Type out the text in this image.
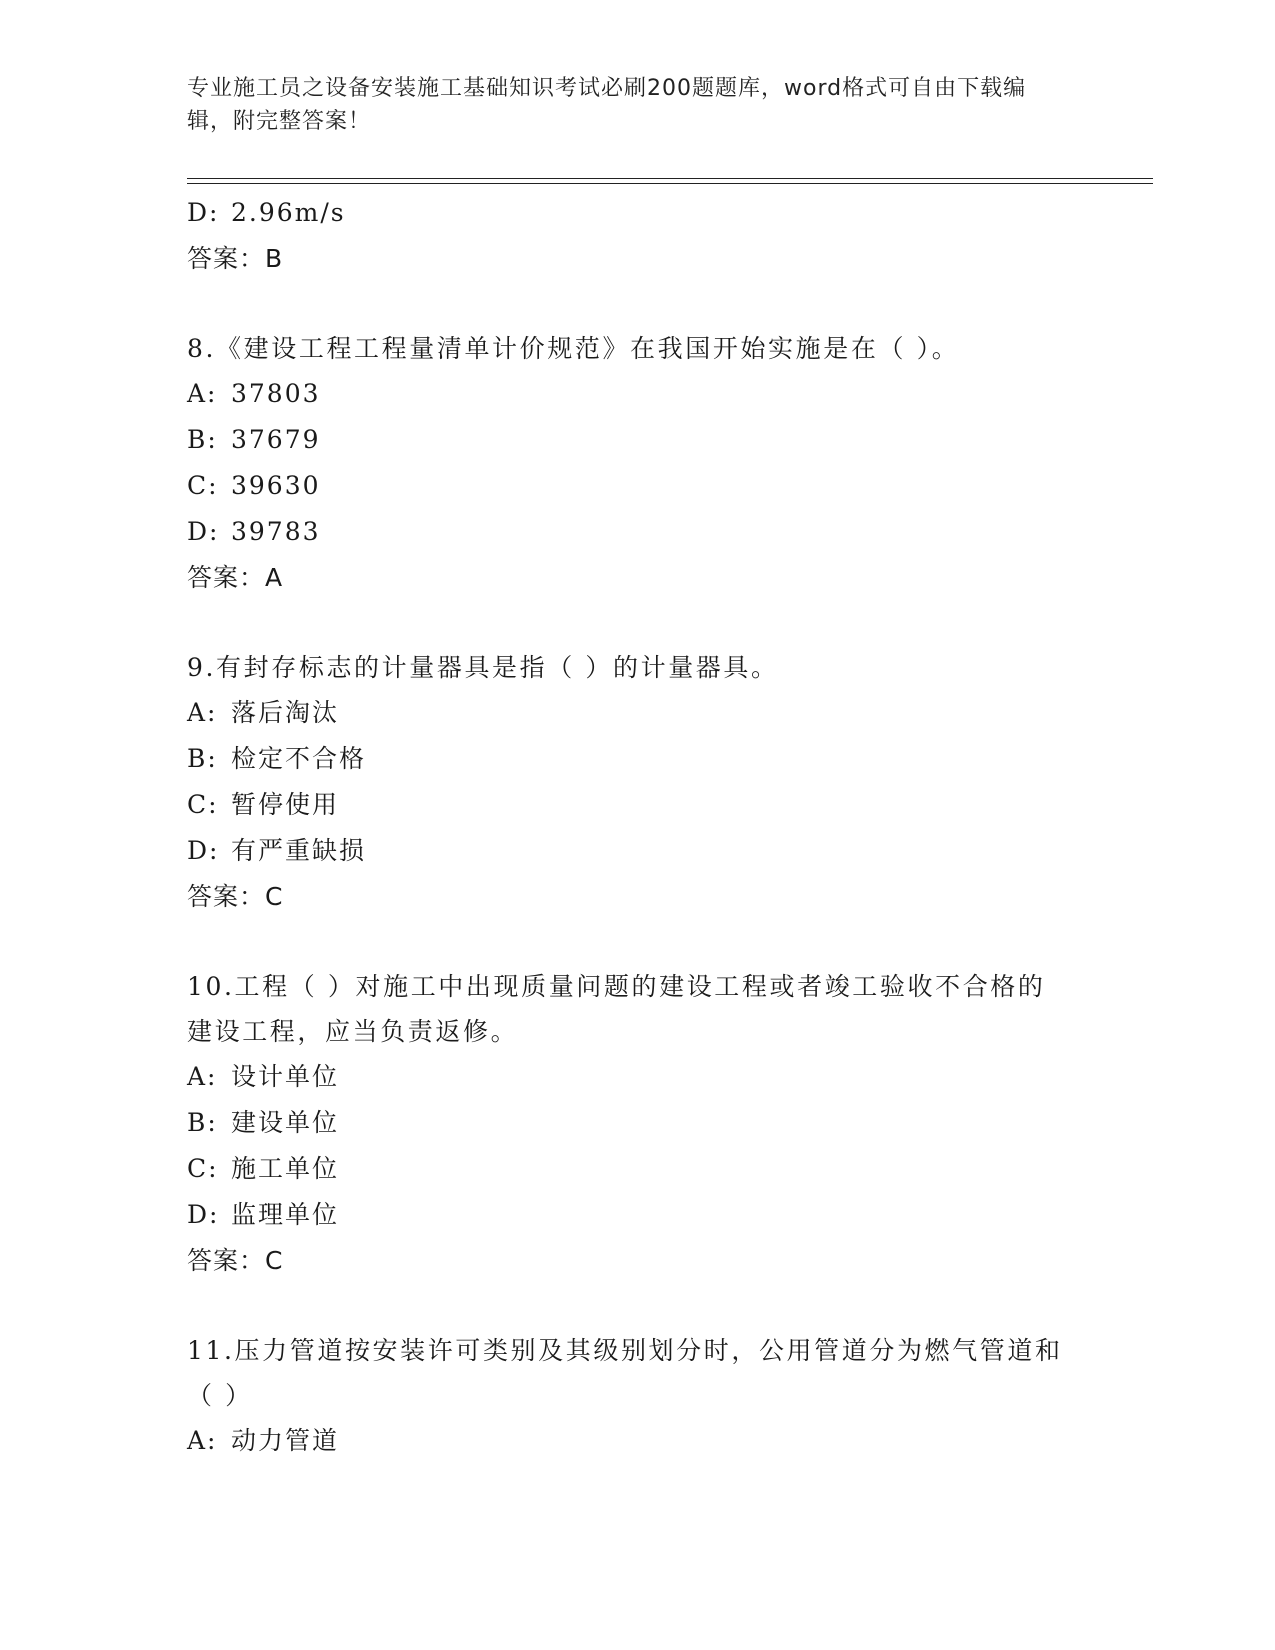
专业施工员之设备安装施工基础知识考试必刷200题题库，word格式可自由下载编辑，附完整答案！
D: 2.96m/s
答案：B
8.《建设工程工程量清单计价规范》在我国开始实施是在（ ）。
A: 37803
B: 37679
C: 39630
D: 39783
答案：A
9.有封存标志的计量器具是指（ ）的计量器具。
A: 落后淘汰
B: 检定不合格
C: 暂停使用
D: 有严重缺损
答案：C
10.工程（ ）对施工中出现质量问题的建设工程或者竣工验收不合格的建设工程，应当负责返修。
A: 设计单位
B: 建设单位
C: 施工单位
D: 监理单位
答案：C
11.压力管道按安装许可类别及其级别划分时，公用管道分为燃气管道和（ ）
A: 动力管道
